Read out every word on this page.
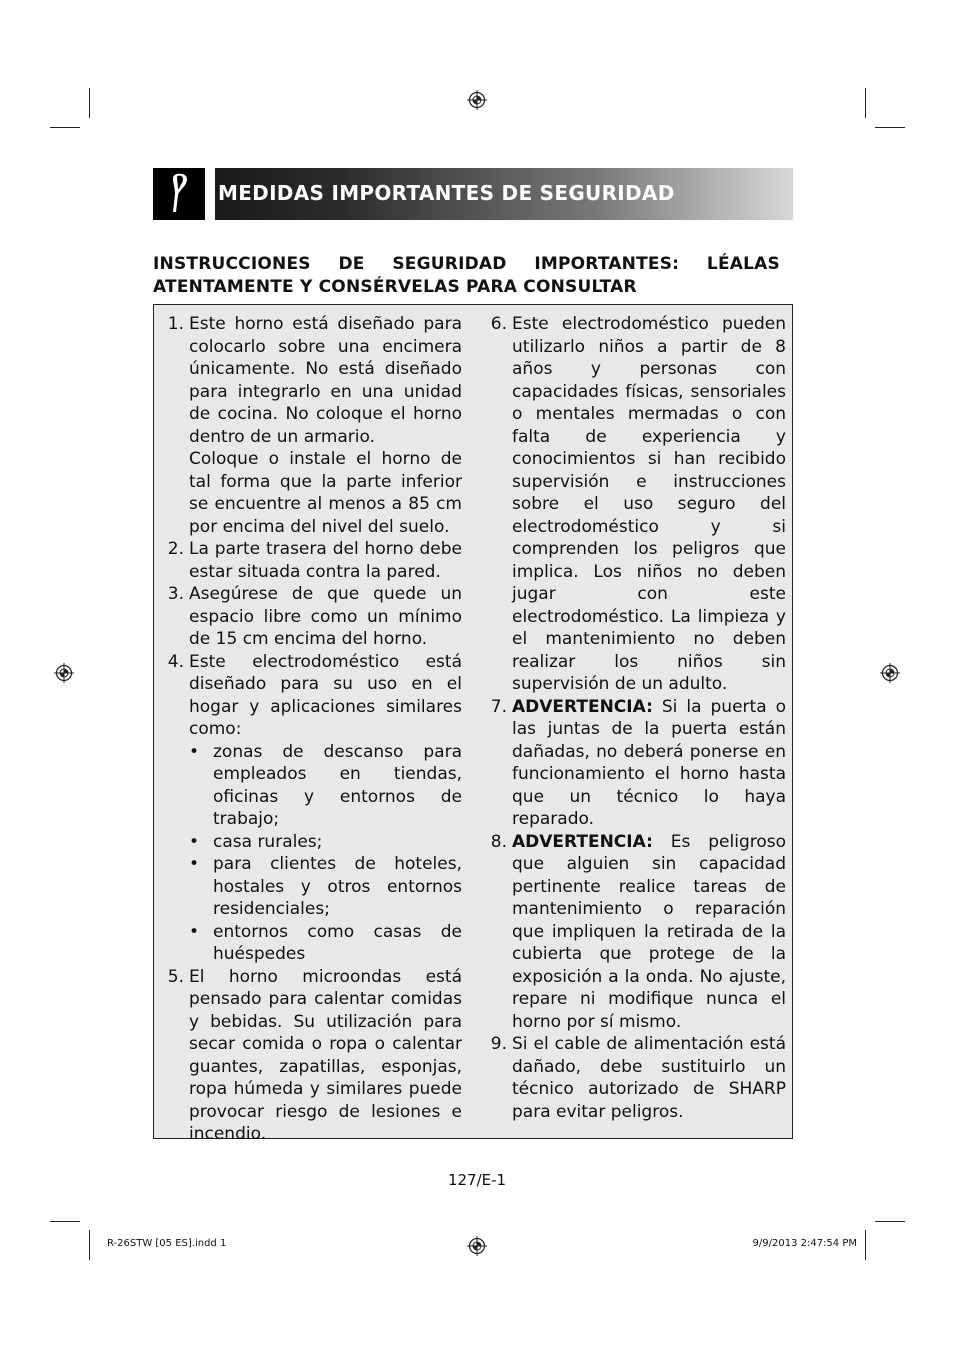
MEDIDAS IMPORTANTES DE SEGURIDAD
INSTRUCCIONES DE SEGURIDAD IMPORTANTES: LÉALAS
ATENTAMENTE Y CONSÉRVELAS PARA CONSULTAR
1. Este horno está diseñado para colocarlo sobre una encimera únicamente. No está diseñado para integrarlo en una unidad de cocina. No coloque el horno dentro de un armario.

Coloque o instale el horno de tal forma que la parte inferior se encuentre al menos a 85 cm por encima del nivel del suelo.

2. La parte trasera del horno debe estar situada contra la pared.

3. Asegúrese de que quede un espacio libre como un mínimo de 15 cm encima del horno.

4. Este electrodoméstico está diseñado para su uso en el hogar y aplicaciones similares como:

• zonas de descanso para empleados en tiendas, oficinas y entornos de trabajo;
• casa rurales;
• para clientes de hoteles, hostales y otros entornos residenciales;
• entornos como casas de huéspedes
5. El horno microondas está pensado para calentar comidas y bebidas. Su utilización para secar comida o ropa o calentar guantes, zapatillas, esponjas, ropa húmeda y similares puede provocar riesgo de lesiones e incendio.

6. Este electrodoméstico pueden utilizarlo niños a partir de 8 años y personas con capacidades físicas, sensoriales o mentales mermadas o con falta de experiencia y conocimientos si han recibido supervisión e instrucciones sobre el uso seguro del electrodoméstico y si comprenden los peligros que implica. Los niños no deben jugar con este electrodoméstico. La limpieza y el mantenimiento no deben realizar los niños sin supervisión de un adulto.

7. ADVERTENCIA: Si la puerta o las juntas de la puerta están dañadas, no deberá ponerse en funcionamiento el horno hasta que un técnico lo haya reparado.

8. ADVERTENCIA: Es peligroso que alguien sin capacidad pertinente realice tareas de mantenimiento o reparación que impliquen la retirada de la cubierta que protege de la exposición a la onda. No ajuste, repare ni modifique nunca el horno por sí mismo.

9. Si el cable de alimentación está dañado, debe sustituirlo un técnico autorizado de SHARP para evitar peligros.

127/E-1
R-26STW [05 ES].indd 1	9/9/2013 2:47:54 PM
